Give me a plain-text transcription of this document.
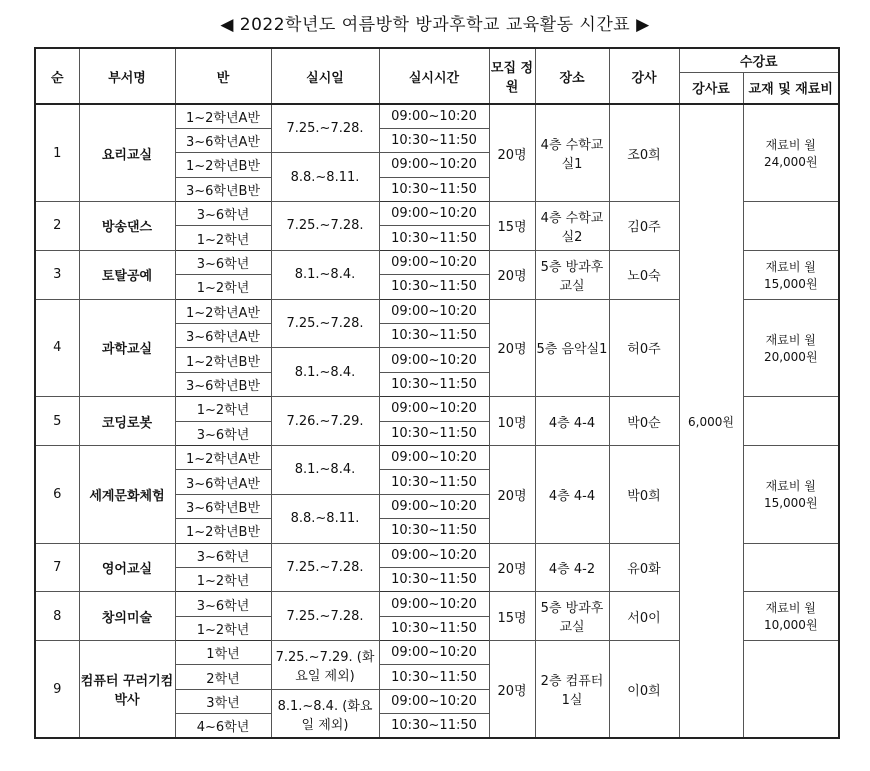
◀ 2022학년도 여름방학 방과후학교 교육활동 시간표 ▶
순	부서명	반	실시일	실시시간	모집 정원	장소	강사	수강료	
								강사료	교재 및 재료비
1	요리교실	1~2학년A반	7.25.~7.28.	09:00~10:20	20명	4층 수학교실1	조0희	6,000원	재료비 월 24,000원
		3~6학년A반		10:30~11:50					
		1~2학년B반	8.8.~8.11.	09:00~10:20					
		3~6학년B반		10:30~11:50					
2	방송댄스	3~6학년	7.25.~7.28.	09:00~10:20	15명	4층 수학교실2	김0주		
		1~2학년		10:30~11:50					
3	토탈공예	3~6학년	8.1.~8.4.	09:00~10:20	20명	5층 방과후 교실	노0숙		재료비 월 15,000원
		1~2학년		10:30~11:50					
4	과학교실	1~2학년A반	7.25.~7.28.	09:00~10:20	20명	5층 음악실1	허0주		재료비 월 20,000원
		3~6학년A반		10:30~11:50					
		1~2학년B반	8.1.~8.4.	09:00~10:20					
		3~6학년B반		10:30~11:50					
5	코딩로봇	1~2학년	7.26.~7.29.	09:00~10:20	10명	4층 4-4	박0순		
		3~6학년		10:30~11:50					
6	세계문화체험	1~2학년A반	8.1.~8.4.	09:00~10:20	20명	4층 4-4	박0희		재료비 월 15,000원
		3~6학년A반		10:30~11:50					
		3~6학년B반	8.8.~8.11.	09:00~10:20					
		1~2학년B반		10:30~11:50					
7	영어교실	3~6학년	7.25.~7.28.	09:00~10:20	20명	4층 4-2	유0화		
		1~2학년		10:30~11:50					
8	창의미술	3~6학년	7.25.~7.28.	09:00~10:20	15명	5층 방과후 교실	서0이		재료비 월 10,000원
		1~2학년		10:30~11:50					
9	컴퓨터 꾸러기컴박사	1학년	7.25.~7.29. (화요일 제외)	09:00~10:20	20명	2층 컴퓨터 1실	이0희		
		2학년		10:30~11:50					
		3학년	8.1.~8.4. (화요일 제외)	09:00~10:20					
		4~6학년		10:30~11:50					
